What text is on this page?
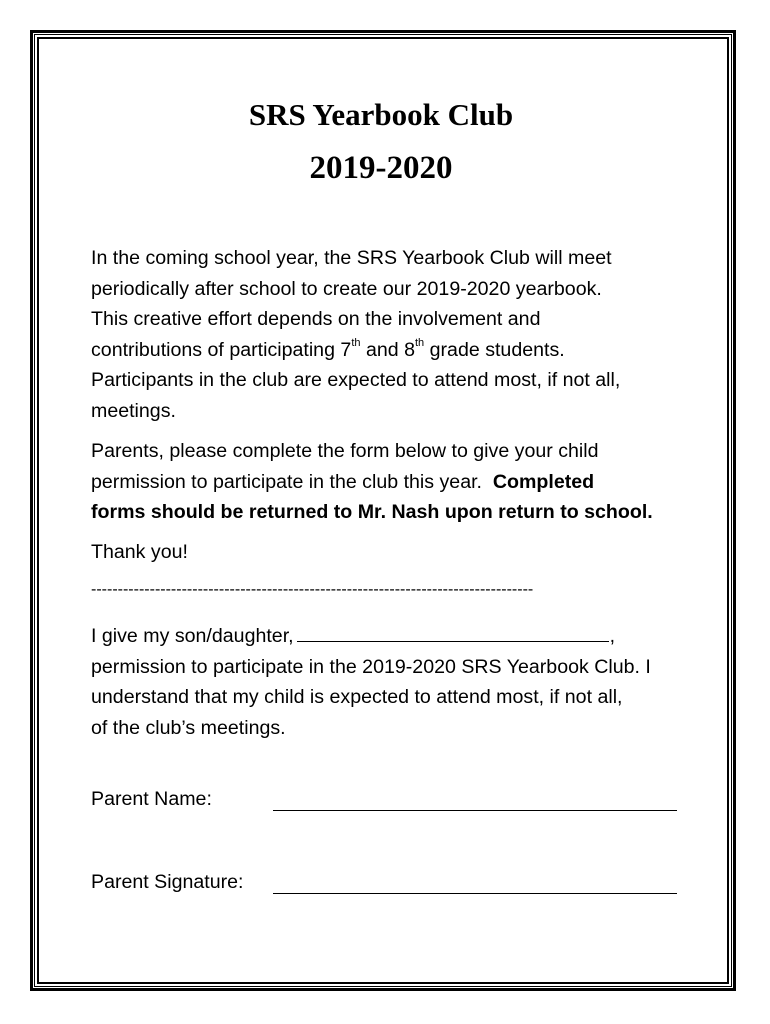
SRS Yearbook Club
2019-2020
In the coming school year, the SRS Yearbook Club will meet
periodically after school to create our 2019-2020 yearbook.
This creative effort depends on the involvement and
contributions of participating 7th and 8th grade students.
Participants in the club are expected to attend most, if not all,
meetings.
Parents, please complete the form below to give your child
permission to participate in the club this year. Completed
forms should be returned to Mr. Nash upon return to school.
Thank you!
-----------------------------------------------------------------------------------
I give my son/daughter,	,
permission to participate in the 2019-2020 SRS Yearbook Club. I
understand that my child is expected to attend most, if not all,
of the club’s meetings.
Parent Name:
Parent Signature:
